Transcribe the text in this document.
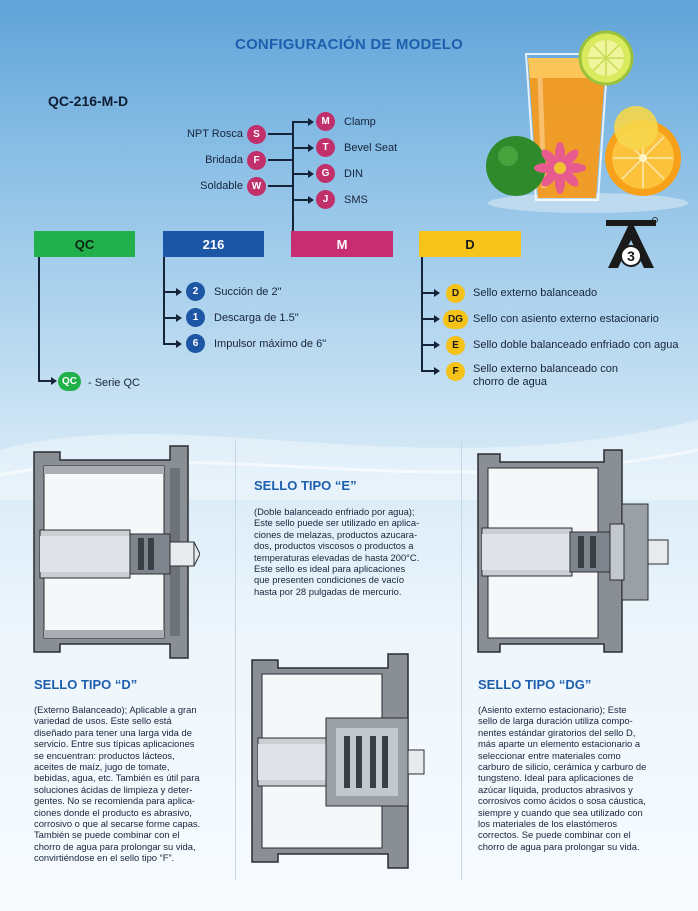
CONFIGURACIÓN DE MODELO
QC-216-M-D
3
NPT Rosca	S
Bridada	F
Soldable W
M	Clamp
T	Bevel Seat
G	DIN
J	SMS
QC	216	M	D
QC	- Serie QC
2	Succión de 2"
1	Descarga de 1.5"
6	Impulsor máximo de 6"
D	Sello externo balanceado
DG Sello con asiento externo estacionario
E	Sello doble balanceado enfriado con agua
F	Sello externo balanceado con
chorro de agua
SELLO TIPO “E”
(Doble balanceado enfriado por agua);
Este sello puede ser utilizado en aplica-
ciones de melazas, productos azucara-
dos, productos viscosos o productos a
temperaturas elevadas de hasta 200°C.
Este sello es ideal para aplicaciones
que presenten condiciones de vacío
hasta por 28 pulgadas de mercurio.
SELLO TIPO “D”
(Externo Balanceado); Aplicable a gran
variedad de usos. Este sello está
diseñado para tener una larga vida de
servicio. Entre sus típicas aplicaciones
se encuentran: productos lácteos,
aceites de maíz, jugo de tomate,
bebidas, agua, etc. También es útil para
soluciones ácidas de limpieza y deter-
gentes. No se recomienda para aplica-
ciones donde el producto es abrasivo,
corrosivo o que al secarse forme capas.
También se puede combinar con el
chorro de agua para prolongar su vida,
convirtiéndose en el sello tipo “F”.
SELLO TIPO “DG”
(Asiento externo estacionario); Este
sello de larga duración utiliza compo-
nentes estándar giratorios del sello D,
más aparte un elemento estacionario a
seleccionar entre materiales como
carburo de silicio, cerámica y carburo de
tungsteno. Ideal para aplicaciones de
azúcar líquida, productos abrasivos y
corrosivos como ácidos o sosa cáustica,
siempre y cuando que sea utilizado con
los materiales de los elastómeros
correctos. Se puede combinar con el
chorro de agua para prolongar su vida.
